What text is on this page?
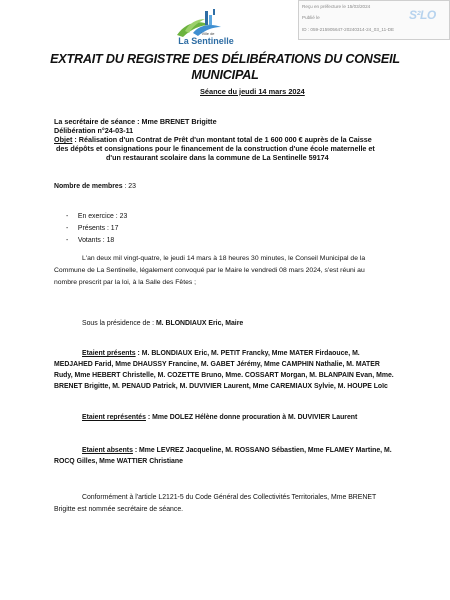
Ville de
La Sentinelle
Reçu en préfecture le 15/03/2024
Publié le
ID : 059-215905647-20240314-24_03_11-DE
S²LO
EXTRAIT DU REGISTRE DES DÉLIBÉRATIONS DU CONSEIL
MUNICIPAL
Séance du jeudi 14 mars 2024
La secrétaire de séance : Mme BRENET Brigitte
Délibération n°24-03-11
Objet : Réalisation d'un Contrat de Prêt d'un montant total de 1 600 000 € auprès de la Caisse
des dépôts et consignations pour le financement de la construction d'une école maternelle et
d'un restaurant scolaire dans la commune de La Sentinelle 59174
Nombre de membres : 23
-     En exercice : 23
-     Présents : 17
-     Votants : 18
L'an deux mil vingt-quatre, le jeudi 14 mars à 18 heures 30 minutes, le Conseil Municipal de la
Commune de La Sentinelle, légalement convoqué par le Maire le vendredi 08 mars 2024, s'est réuni au
nombre prescrit par la loi, à la Salle des Fêtes ;
Sous la présidence de : M. BLONDIAUX Eric, Maire
Etaient présents : M. BLONDIAUX Eric, M. PETIT Francky, Mme MATER Firdaouce, M.
MEDJAHED Farid, Mme DHAUSSY Francine, M. GABET Jérémy, Mme CAMPHIN Nathalie, M. MATER
Rudy, Mme HEBERT Christelle, M. COZETTE Bruno, Mme. COSSART Morgan, M. BLANPAIN Evan, Mme.
BRENET Brigitte, M. PENAUD Patrick, M. DUVIVIER Laurent, Mme CAREMIAUX Sylvie, M. HOUPE Loïc
Etaient représentés : Mme DOLEZ Hélène donne procuration à M. DUVIVIER Laurent
Etaient absents : Mme LEVREZ Jacqueline, M. ROSSANO Sébastien, Mme FLAMEY Martine, M.
ROCQ Gilles, Mme WATTIER Christiane
Conformément à l'article L2121-5 du Code Général des Collectivités Territoriales, Mme BRENET
Brigitte est nommée secrétaire de séance.
